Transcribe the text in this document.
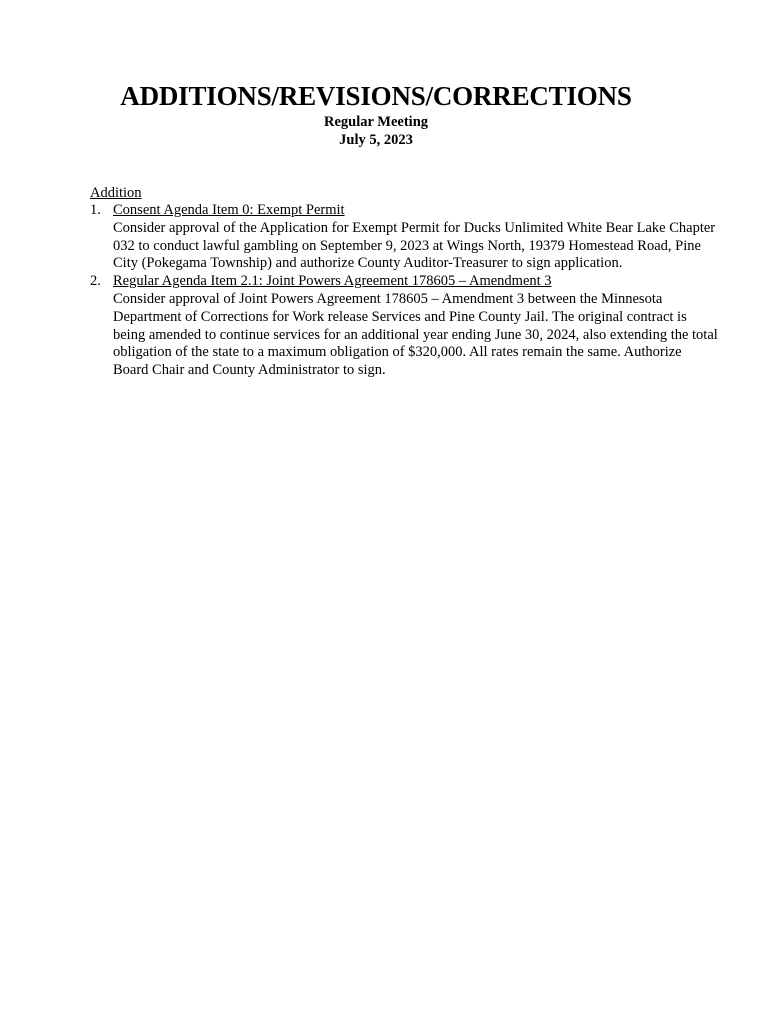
ADDITIONS/REVISIONS/CORRECTIONS
Regular Meeting
July 5, 2023
Addition
1. Consent Agenda Item 0: Exempt Permit
Consider approval of the Application for Exempt Permit for Ducks Unlimited White Bear Lake Chapter 032 to conduct lawful gambling on September 9, 2023 at Wings North, 19379 Homestead Road, Pine City (Pokegama Township) and authorize County Auditor-Treasurer to sign application.
2. Regular Agenda Item 2.1: Joint Powers Agreement 178605 – Amendment 3
Consider approval of Joint Powers Agreement 178605 – Amendment 3 between the Minnesota Department of Corrections for Work release Services and Pine County Jail. The original contract is being amended to continue services for an additional year ending June 30, 2024, also extending the total obligation of the state to a maximum obligation of $320,000. All rates remain the same. Authorize Board Chair and County Administrator to sign.
